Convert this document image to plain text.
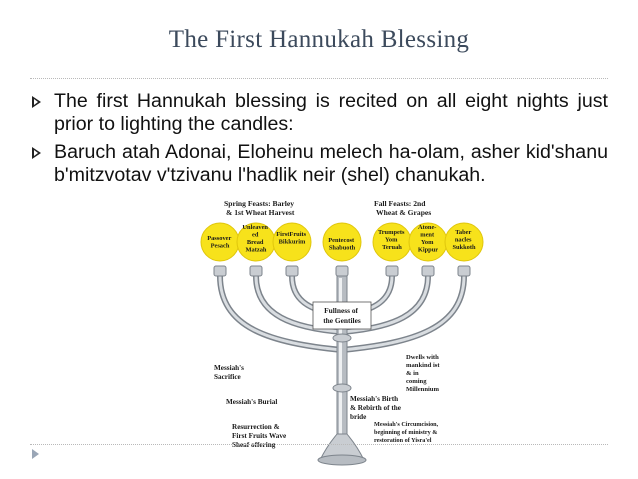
The First Hannukah Blessing
The first Hannukah blessing is recited on all eight nights just prior to lighting the candles:
Baruch atah Adonai, Eloheinu melech ha-olam, asher kid'shanu b'mitzvotav v'tzivanu l'hadlik neir (shel) chanukah.
Spring Feasts: Barley
& 1st Wheat Harvest
Fall Feasts: 2nd
Wheat & Grapes
Passover Pesach
Unleaven ed Bread Matzah
FirstFruits Bikkurim	Pentecost Shabuoth
Trumpets Yom Teruah
Atone- ment Yom Kippur
Taber nacles Sukkoth
Fullness of the Gentiles
Messiah's Sacrifice
Messiah's Burial
Resurrection & First Fruits Wave Sheaf offering
Dwells with mankind ist & in coming Millennium
Messiah's Birth & Rebirth of the bride
Messiah's Circumcision, beginning of ministry & restoration of Yisra'el
